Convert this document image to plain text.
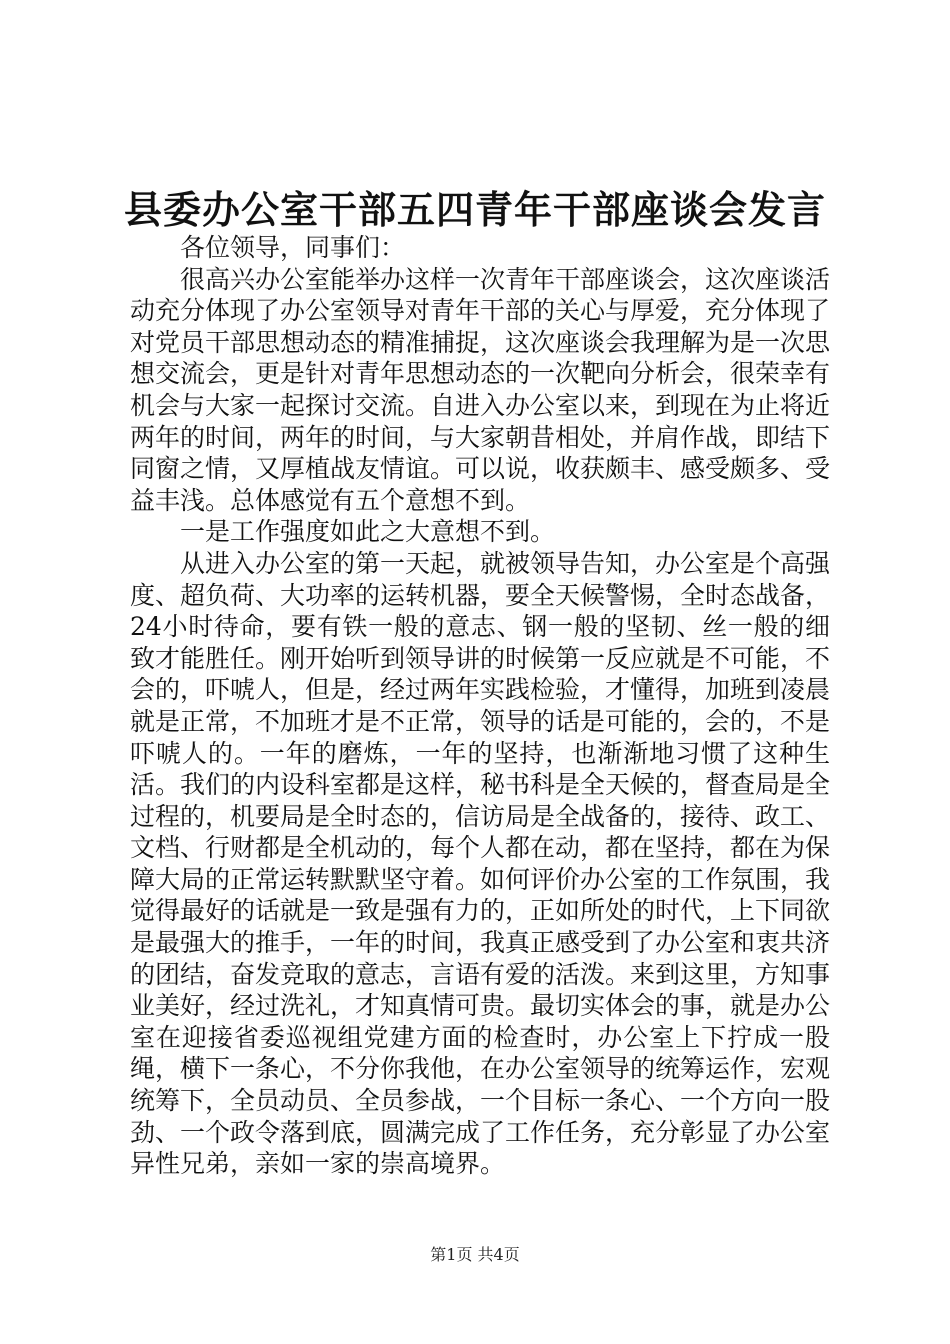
县委办公室干部五四青年干部座谈会发言

各位领导，同事们：

很高兴办公室能举办这样一次青年干部座谈会，这次座谈活动充分体现了办公室领导对青年干部的关心与厚爱，充分体现了对党员干部思想动态的精准捕捉，这次座谈会我理解为是一次思想交流会，更是针对青年思想动态的一次靶向分析会，很荣幸有机会与大家一起探讨交流。自进入办公室以来，到现在为止将近两年的时间，两年的时间，与大家朝昔相处，并肩作战，即结下同窗之情，又厚植战友情谊。可以说，收获颇丰、感受颇多、受益丰浅。总体感觉有五个意想不到。

一是工作强度如此之大意想不到。

从进入办公室的第一天起，就被领导告知，办公室是个高强度、超负荷、大功率的运转机器，要全天候警惕，全时态战备，24小时待命，要有铁一般的意志、钢一般的坚韧、丝一般的细致才能胜任。刚开始听到领导讲的时候第一反应就是不可能，不会的，吓唬人，但是，经过两年实践检验，才懂得，加班到凌晨就是正常，不加班才是不正常，领导的话是可能的，会的，不是吓唬人的。一年的磨炼，一年的坚持，也渐渐地习惯了这种生活。我们的内设科室都是这样，秘书科是全天候的，督查局是全过程的，机要局是全时态的，信访局是全战备的，接待、政工、文档、行财都是全机动的，每个人都在动，都在坚持，都在为保障大局的正常运转默默坚守着。如何评价办公室的工作氛围，我觉得最好的话就是一致是强有力的，正如所处的时代，上下同欲是最强大的推手，一年的时间，我真正感受到了办公室和衷共济的团结，奋发竞取的意志，言语有爱的活泼。来到这里，方知事业美好，经过洗礼，才知真情可贵。最切实体会的事，就是办公室在迎接省委巡视组党建方面的检查时，办公室上下拧成一股绳，横下一条心，不分你我他，在办公室领导的统筹运作，宏观统筹下，全员动员、全员参战，一个目标一条心、一个方向一股劲、一个政令落到底，圆满完成了工作任务，充分彰显了办公室异性兄弟，亲如一家的崇高境界。

第1页 共4页
